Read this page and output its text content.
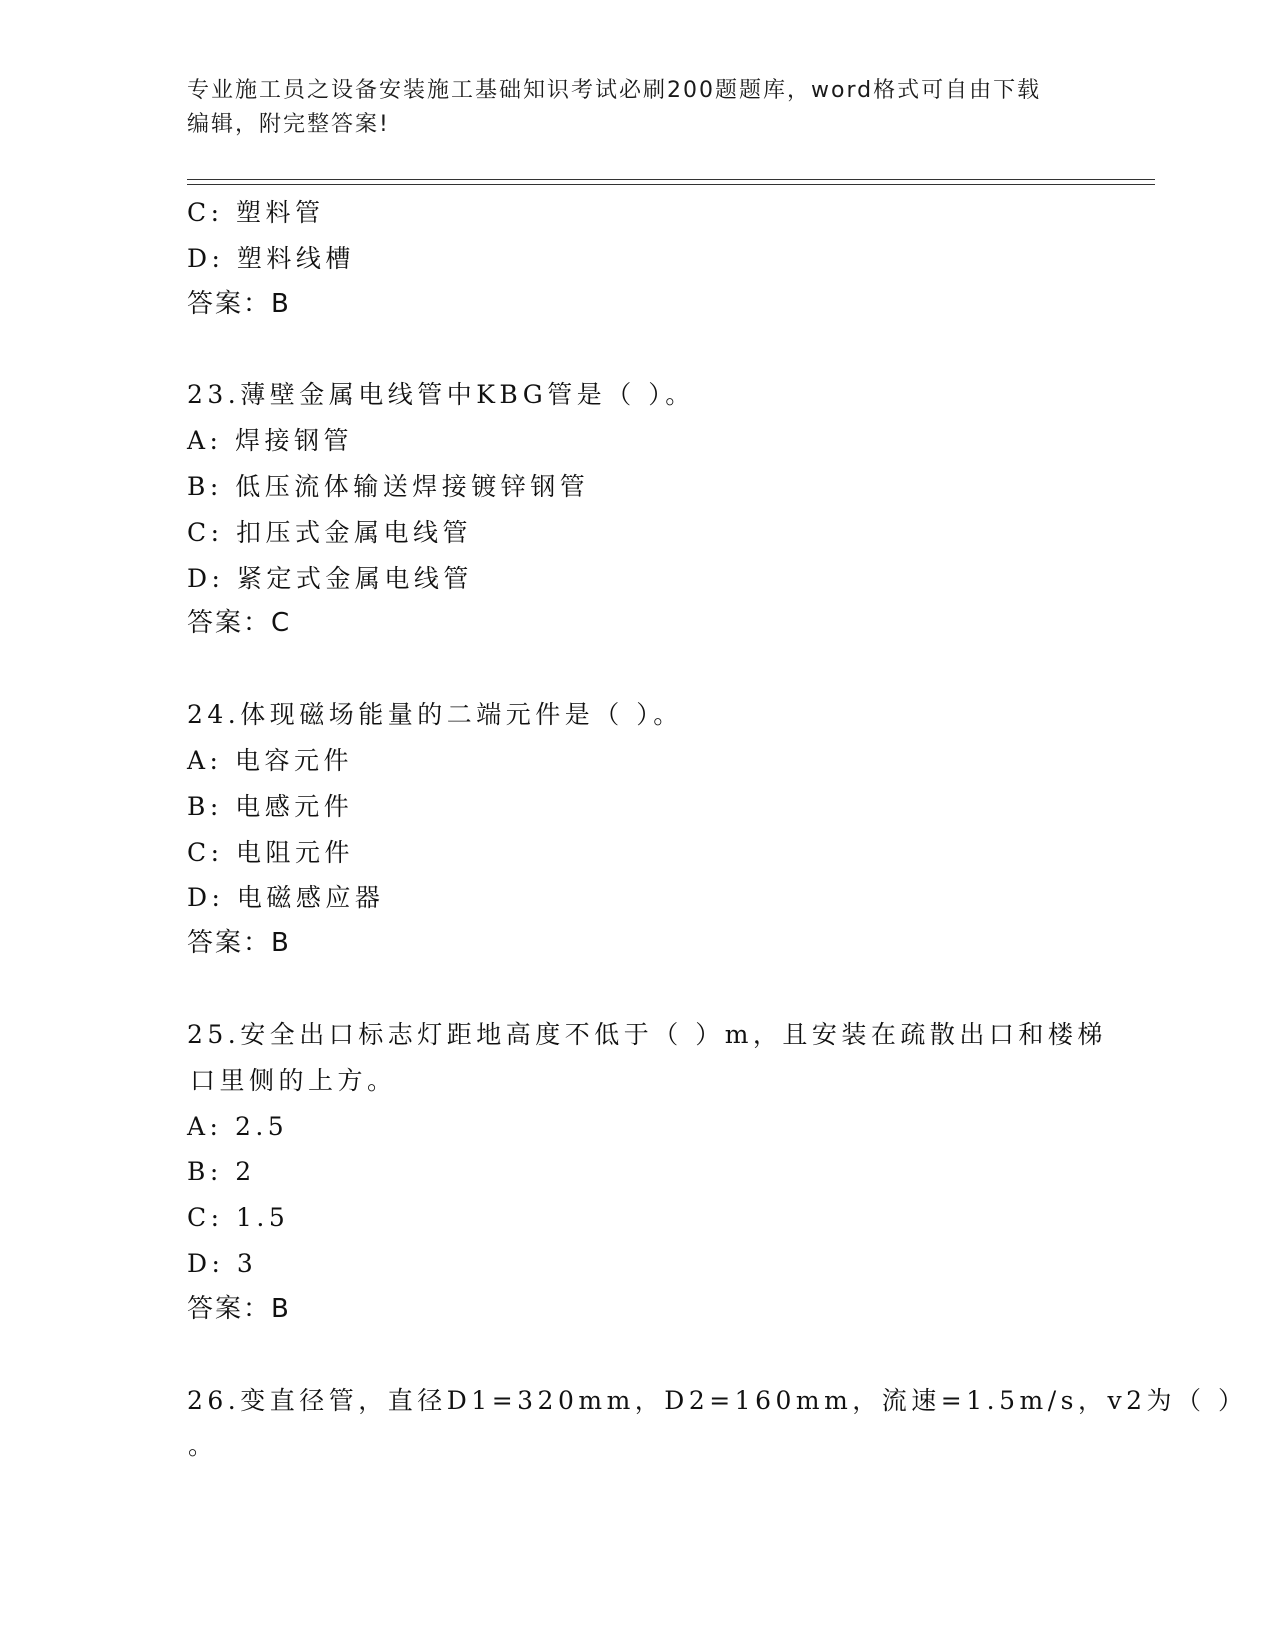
专业施工员之设备安装施工基础知识考试必刷200题题库，word格式可自由下载
编辑，附完整答案!
C: 塑料管
D: 塑料线槽
答案：B
23.薄壁金属电线管中KBG管是（ ）。
A: 焊接钢管
B: 低压流体输送焊接镀锌钢管
C: 扣压式金属电线管
D: 紧定式金属电线管
答案：C
24.体现磁场能量的二端元件是（ ）。
A: 电容元件
B: 电感元件
C: 电阻元件
D: 电磁感应器
答案：B
25.安全出口标志灯距地高度不低于（ ）m，且安装在疏散出口和楼梯
口里侧的上方。
A: 2.5
B: 2
C: 1.5
D: 3
答案：B
26.变直径管，直径D1=320mm，D2=160mm，流速=1.5m/s，v2为（ ）
。
